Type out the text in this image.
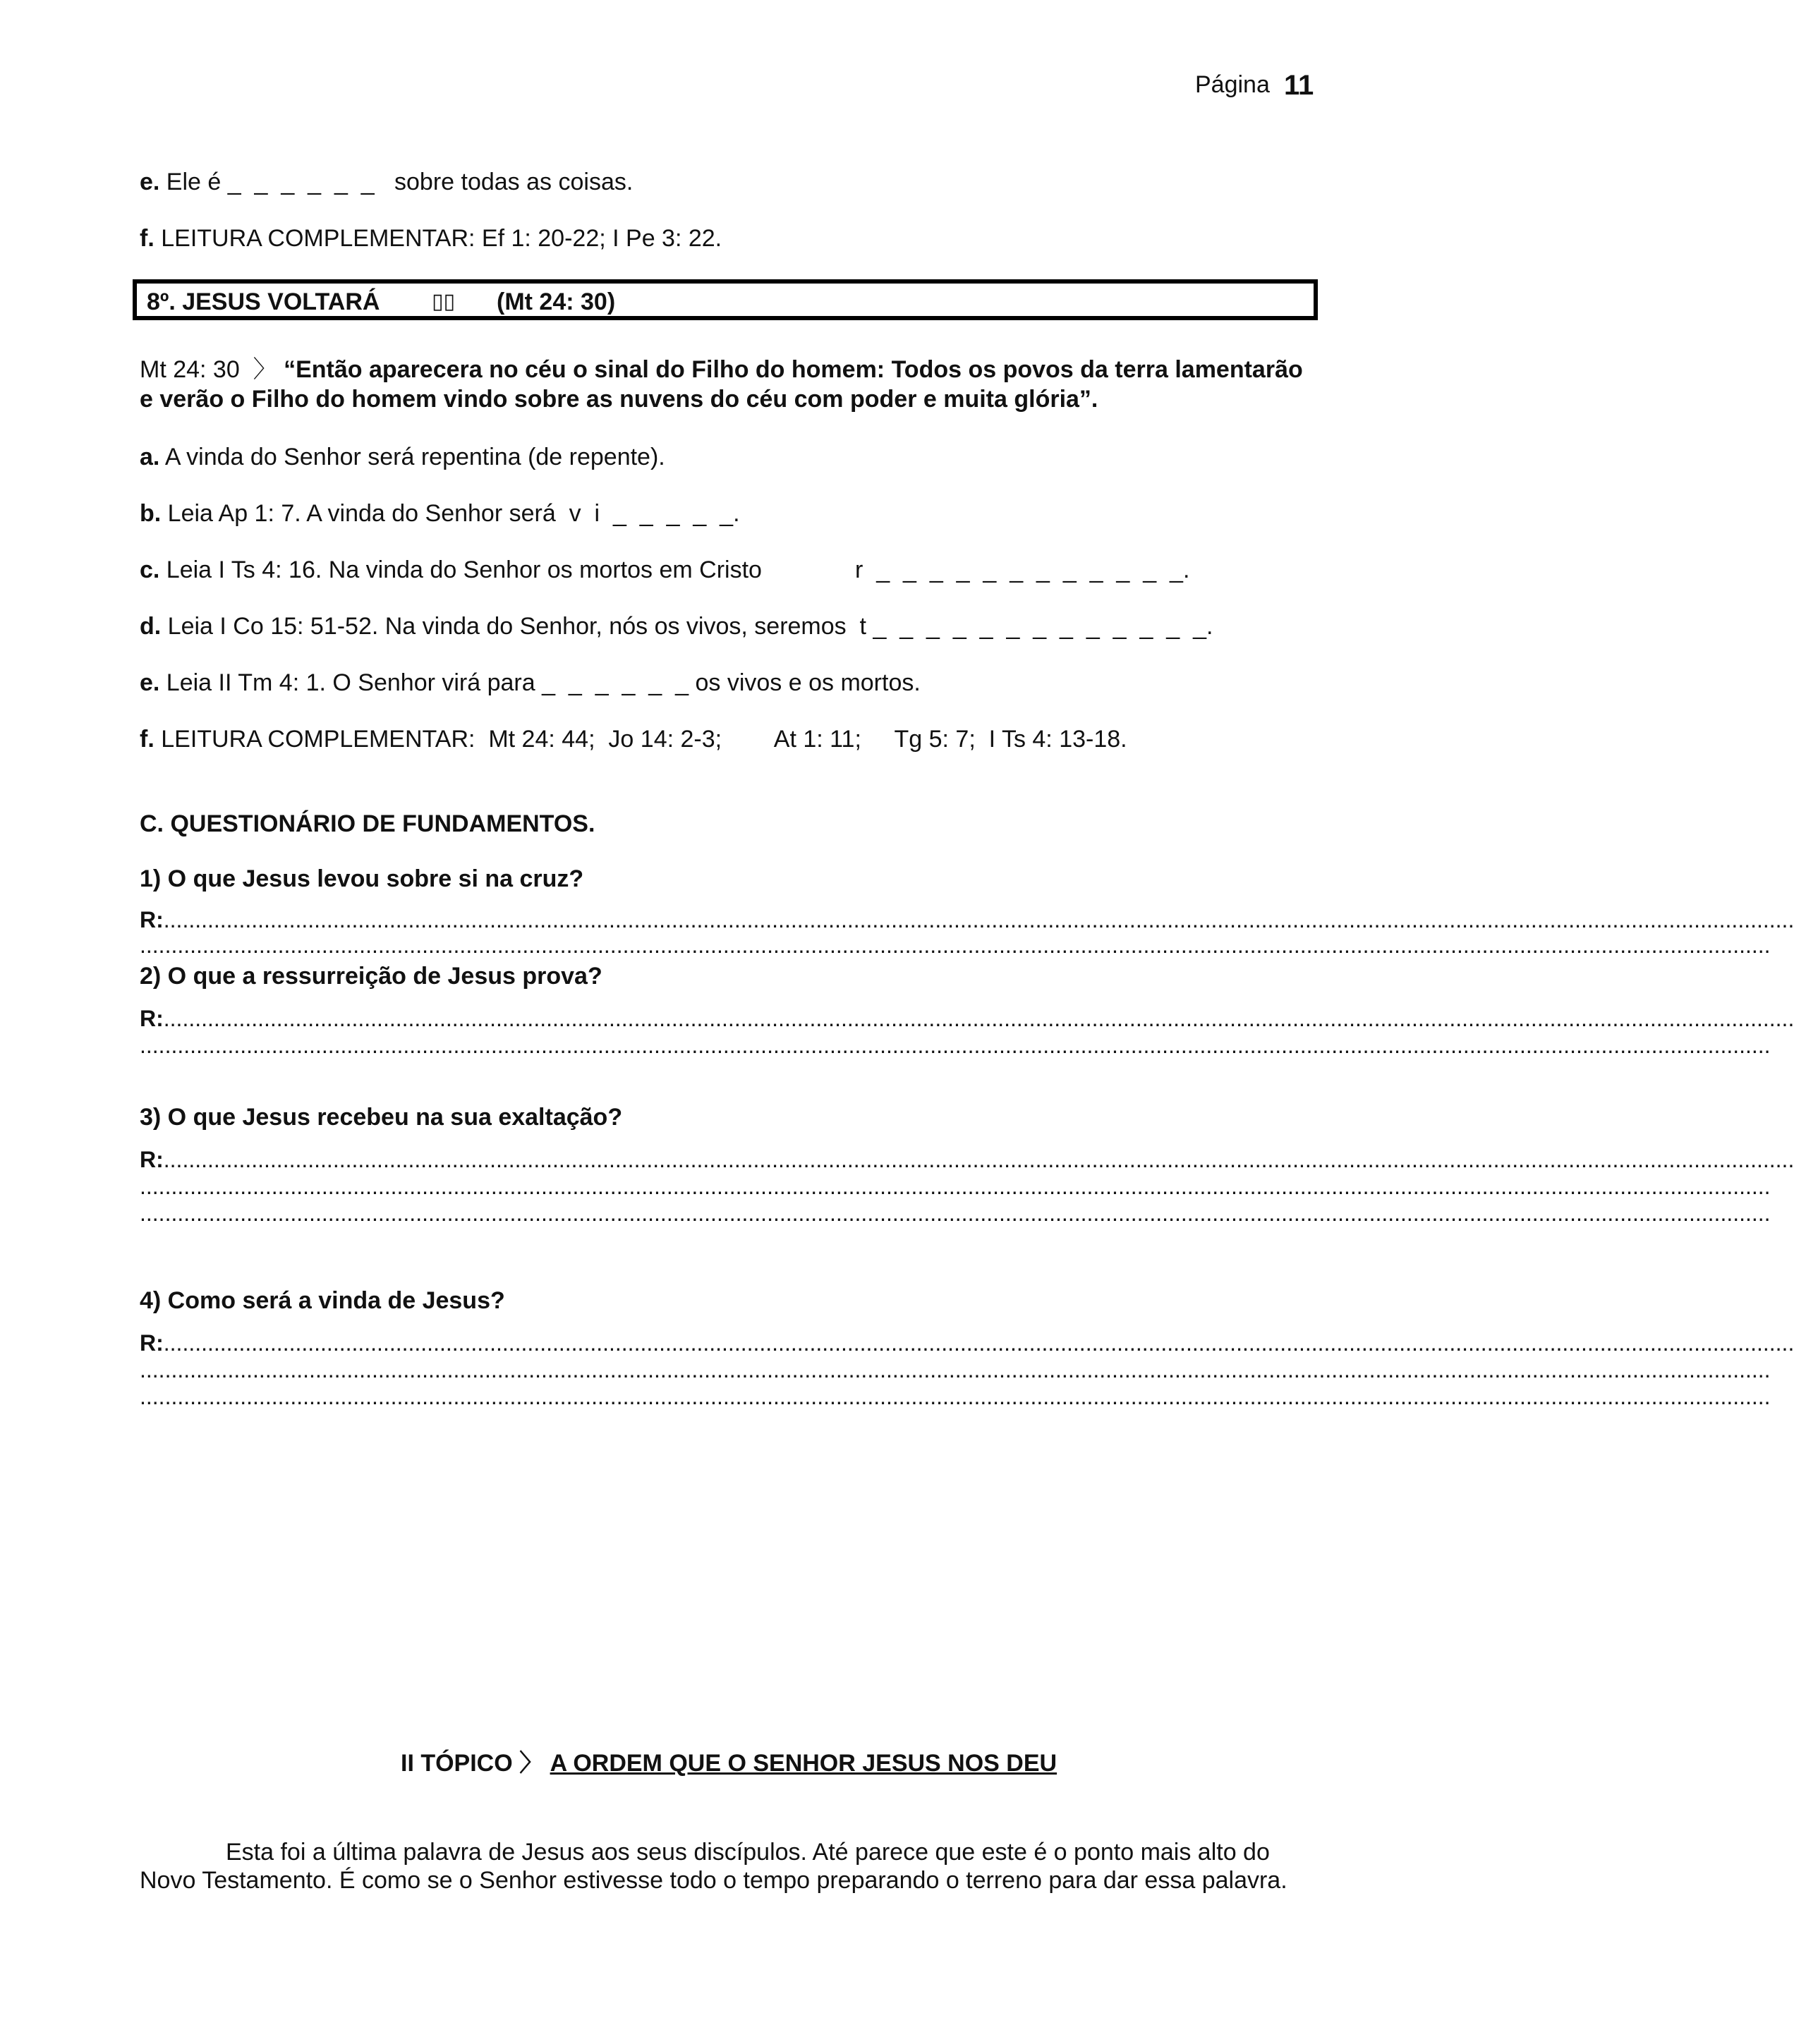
Página 11
e. Ele é _  _  _  _  _  _   sobre todas as coisas.
f. LEITURA COMPLEMENTAR: Ef 1: 20-22; I Pe 3: 22.
8º. JESUS VOLTARÁ ▯▯ (Mt 24: 30)
Mt 24: 30  〉 “Então aparecera no céu o sinal do Filho do homem: Todos os povos da terra lamentarão
e verão o Filho do homem vindo sobre as nuvens do céu com poder e muita glória”.
a. A vinda do Senhor será repentina (de repente).
b. Leia Ap 1: 7. A vinda do Senhor será  v  i  _  _  _  _  _.
c. Leia I Ts 4: 16. Na vinda do Senhor os mortos em Cristo	r  _  _  _  _  _  _  _  _  _  _  _  _.
d. Leia I Co 15: 51-52. Na vinda do Senhor, nós os vivos, seremos  t _  _  _  _  _  _  _  _  _  _  _  _  _.
e. Leia II Tm 4: 1. O Senhor virá para _  _  _  _  _  _ os vivos e os mortos.
f. LEITURA COMPLEMENTAR:  Mt 24: 44;  Jo 14: 2-3;        At 1: 11;     Tg 5: 7;  I Ts 4: 13-18.
C. QUESTIONÁRIO DE FUNDAMENTOS.
1) O que Jesus levou sobre si na cruz?
R:....................................................................................................................................................................................................................................................................
....................................................................................................................................................................................................................................................................
2) O que a ressurreição de Jesus prova?
R:....................................................................................................................................................................................................................................................................
....................................................................................................................................................................................................................................................................
3) O que Jesus recebeu na sua exaltação?
R:....................................................................................................................................................................................................................................................................
....................................................................................................................................................................................................................................................................
....................................................................................................................................................................................................................................................................
4) Como será a vinda de Jesus?
R:....................................................................................................................................................................................................................................................................
....................................................................................................................................................................................................................................................................
....................................................................................................................................................................................................................................................................
II TÓPICO 〉 A ORDEM QUE O SENHOR JESUS NOS DEU
Esta foi a última palavra de Jesus aos seus discípulos. Até parece que este é o ponto mais alto do
Novo Testamento. É como se o Senhor estivesse todo o tempo preparando o terreno para dar essa palavra.
